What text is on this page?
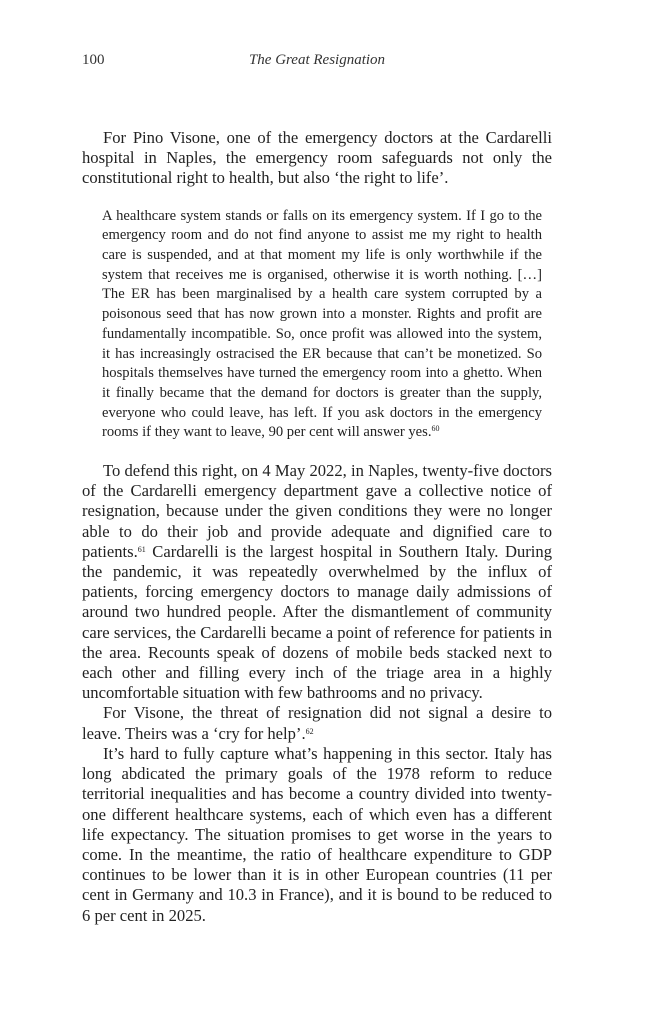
100	The Great Resignation

For Pino Visone, one of the emergency doctors at the Cardarelli hospital in Naples, the emergency room safeguards not only the constitutional right to health, but also ‘the right to life’.

A healthcare system stands or falls on its emergency system. If I go to the emergency room and do not find anyone to assist me my right to health care is suspended, and at that moment my life is only worthwhile if the system that receives me is organised, otherwise it is worth nothing. […] The ER has been marginalised by a health care system corrupted by a poisonous seed that has now grown into a monster. Rights and profit are fundamentally incompatible. So, once profit was allowed into the system, it has increasingly ostracised the ER because that can’t be monetized. So hospitals themselves have turned the emergency room into a ghetto. When it finally became that the demand for doctors is greater than the supply, everyone who could leave, has left. If you ask doctors in the emergency rooms if they want to leave, 90 per cent will answer yes.$^{60}$

To defend this right, on 4 May 2022, in Naples, twenty-five doctors of the Cardarelli emergency department gave a collective notice of resignation, because under the given conditions they were no longer able to do their job and provide adequate and dignified care to patients.$^{61}$ Cardarelli is the largest hospital in Southern Italy. During the pandemic, it was repeatedly overwhelmed by the influx of patients, forcing emergency doctors to manage daily admissions of around two hundred people. After the dismantlement of community care services, the Cardarelli became a point of reference for patients in the area. Recounts speak of dozens of mobile beds stacked next to each other and filling every inch of the triage area in a highly uncomfortable situation with few bathrooms and no privacy.

For Visone, the threat of resignation did not signal a desire to leave. Theirs was a ‘cry for help’.$^{62}$

It’s hard to fully capture what’s happening in this sector. Italy has long abdicated the primary goals of the 1978 reform to reduce territorial inequalities and has become a country divided into twenty-one different healthcare systems, each of which even has a different life expectancy. The situation promises to get worse in the years to come. In the meantime, the ratio of healthcare expenditure to GDP continues to be lower than it is in other European countries (11 per cent in Germany and 10.3 in France), and it is bound to be reduced to 6 per cent in 2025.
